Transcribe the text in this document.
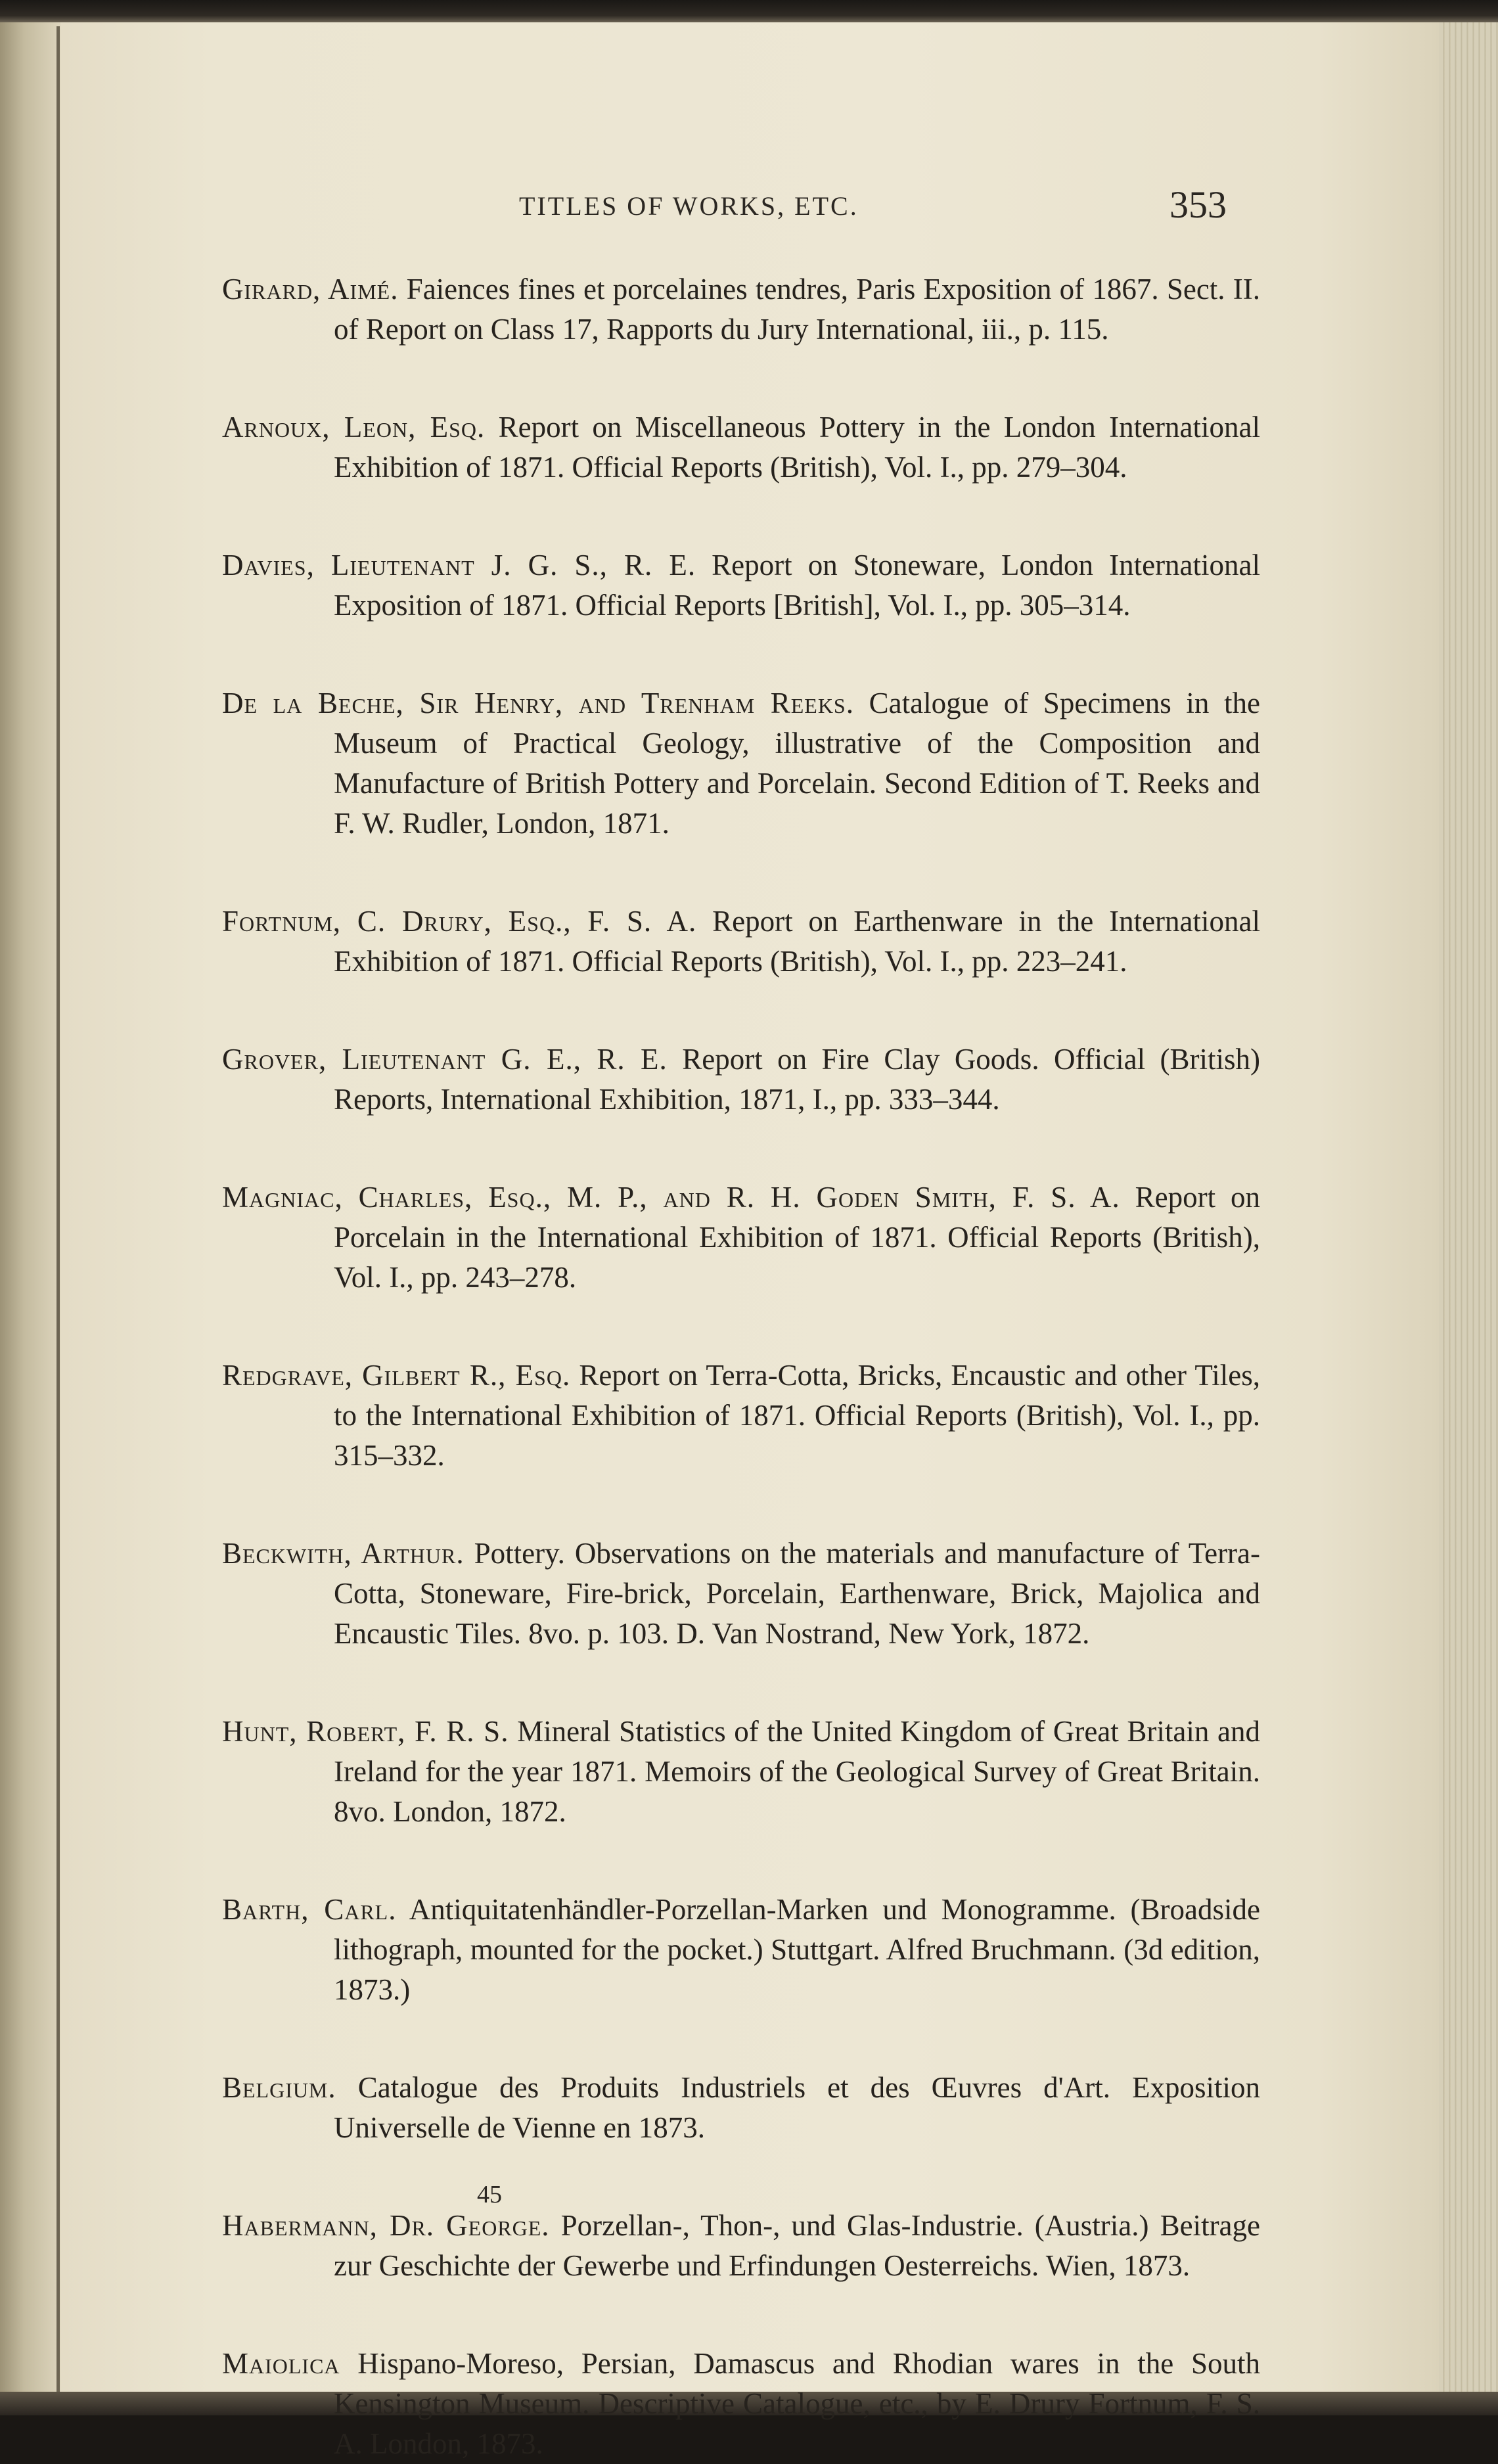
TITLES OF WORKS, ETC.	353

Girard, Aimé. Faiences fines et porcelaines tendres, Paris Exposition of 1867. Sect. II. of Report on Class 17, Rapports du Jury International, iii., p. 115.

Arnoux, Leon, Esq. Report on Miscellaneous Pottery in the London International Exhibition of 1871. Official Reports (British), Vol. I., pp. 279–304.

Davies, Lieutenant J. G. S., R. E. Report on Stoneware, London International Exposition of 1871. Official Reports [British], Vol. I., pp. 305–314.

De la Beche, Sir Henry, and Trenham Reeks. Catalogue of Specimens in the Museum of Practical Geology, illustrative of the Composition and Manufacture of British Pottery and Porcelain. Second Edition of T. Reeks and F. W. Rudler, London, 1871.

Fortnum, C. Drury, Esq., F. S. A. Report on Earthenware in the International Exhibition of 1871. Official Reports (British), Vol. I., pp. 223–241.

Grover, Lieutenant G. E., R. E. Report on Fire Clay Goods. Official (British) Reports, International Exhibition, 1871, I., pp. 333–344.

Magniac, Charles, Esq., M. P., and R. H. Goden Smith, F. S. A. Report on Porcelain in the International Exhibition of 1871. Official Reports (British), Vol. I., pp. 243–278.

Redgrave, Gilbert R., Esq. Report on Terra-Cotta, Bricks, Encaustic and other Tiles, to the International Exhibition of 1871. Official Reports (British), Vol. I., pp. 315–332.

Beckwith, Arthur. Pottery. Observations on the materials and manufacture of Terra-Cotta, Stoneware, Fire-brick, Porcelain, Earthenware, Brick, Majolica and Encaustic Tiles. 8vo. p. 103. D. Van Nostrand, New York, 1872.

Hunt, Robert, F. R. S. Mineral Statistics of the United Kingdom of Great Britain and Ireland for the year 1871. Memoirs of the Geological Survey of Great Britain. 8vo. London, 1872.

Barth, Carl. Antiquitatenhändler-Porzellan-Marken und Monogramme. (Broadside lithograph, mounted for the pocket.) Stuttgart. Alfred Bruchmann. (3d edition, 1873.)

Belgium. Catalogue des Produits Industriels et des Œuvres d'Art. Exposition Universelle de Vienne en 1873.

Habermann, Dr. George. Porzellan-, Thon-, und Glas-Industrie. (Austria.) Beitrage zur Geschichte der Gewerbe und Erfindungen Oesterreichs. Wien, 1873.

Maiolica Hispano-Moreso, Persian, Damascus and Rhodian wares in the South Kensington Museum. Descriptive Catalogue, etc., by E. Drury Fortnum, F. S. A. London, 1873.

45
